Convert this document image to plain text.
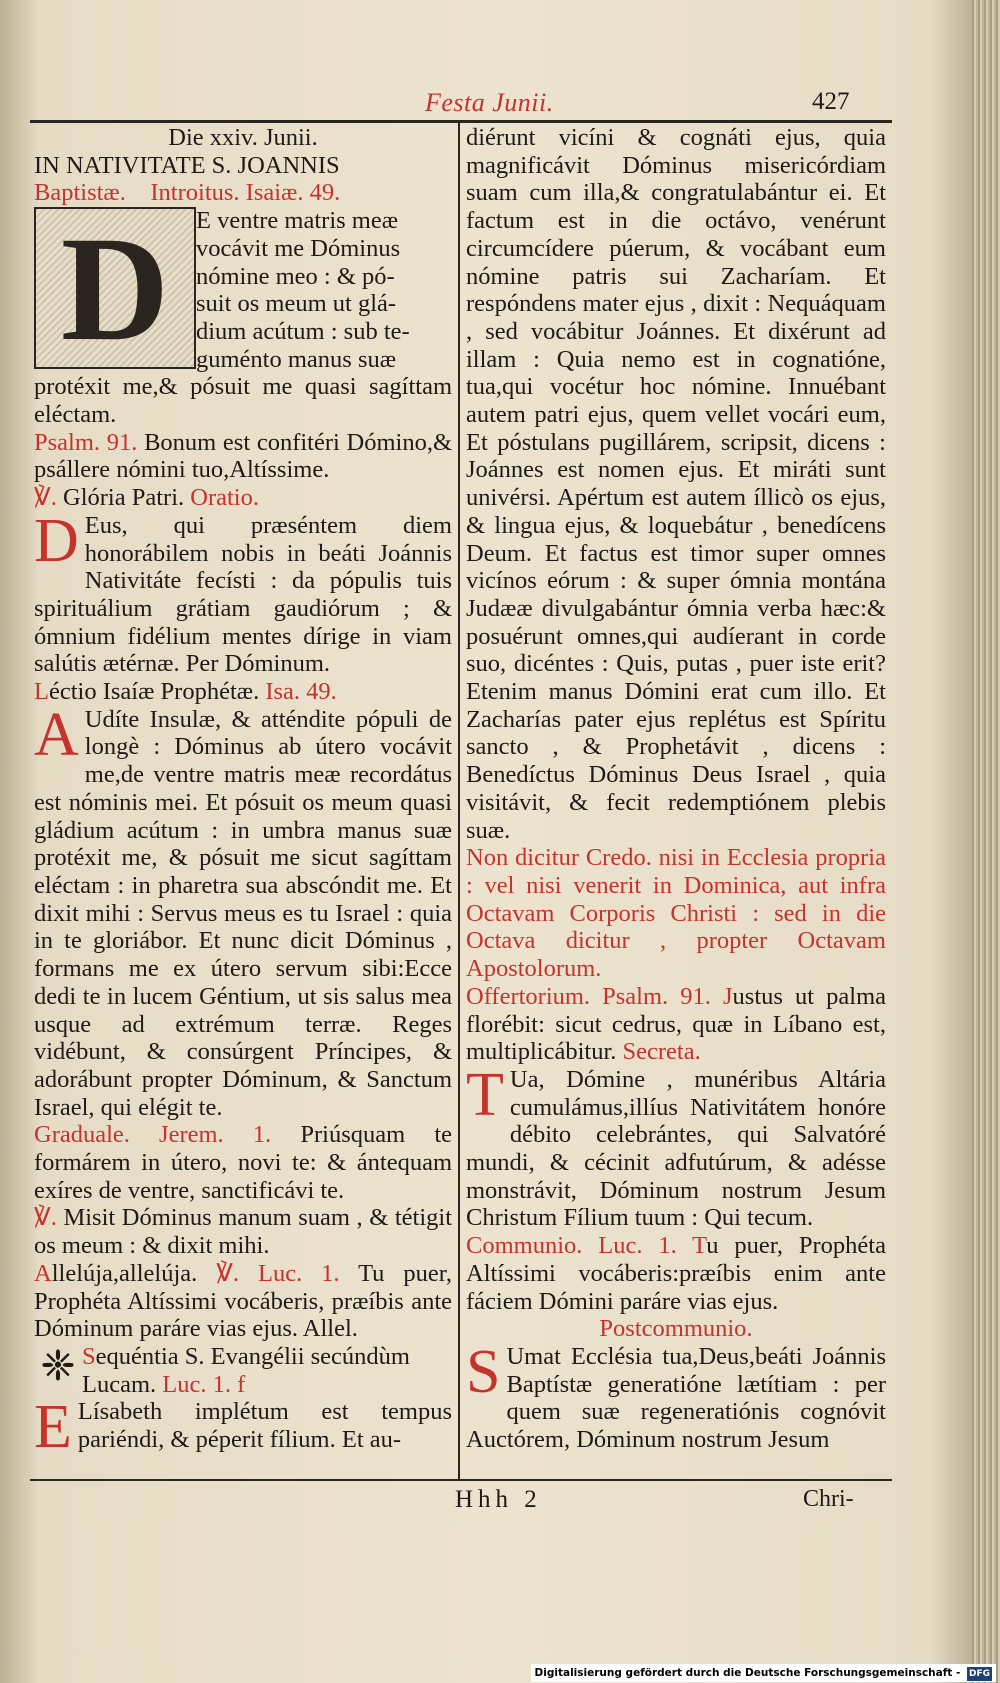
Festa Junii.	427
Die xxiv. Junii.
IN NATIVITATE S. JOANNIS
Baptistæ. Introitus. Isaiæ. 49.
D	E ventre matris meæ
vocávit me Dóminus
nómine meo : & pó-
suit os meum ut glá-
dium acútum : sub te-
guménto manus suæ
protéxit me,& pósuit me quasi sagíttam eléctam.

Psalm. 91. Bonum est confitéri Dómino,& psállere nómini tuo,Altíssime.

℣. Glória Patri. Oratio.

D Eus, qui præséntem diem honorábilem nobis in beáti Joánnis Nativitáte fecísti : da pópulis tuis spirituálium grátiam gaudiórum ; & ómnium fidélium mentes dírige in viam salútis ætérnæ. Per Dóminum.

Léctio Isaíæ Prophétæ. Isa. 49.

A Udíte Insulæ, & atténdite pópuli de longè : Dóminus ab útero vocávit me,de ventre matris meæ recordátus est nóminis mei. Et pósuit os meum quasi gládium acútum : in umbra manus suæ protéxit me, & pósuit me sicut sagíttam eléctam : in pharetra sua abscóndit me. Et dixit mihi : Servus meus es tu Israel : quia in te gloriábor. Et nunc dicit Dóminus , formans me ex útero servum sibi:Ecce dedi te in lucem Géntium, ut sis salus mea usque ad extrémum terræ. Reges vidébunt, & consúrgent Príncipes, & adorábunt propter Dóminum, & Sanctum Israel, qui elégit te.

Graduale. Jerem. 1. Priúsquam te formárem in útero, novi te: & ántequam exíres de ventre, sanctificávi te.

℣. Misit Dóminus manum suam , & tétigit os meum : & dixit mihi.

Allelúja,allelúja. ℣. Luc. 1. Tu puer, Prophéta Altíssimi vocáberis, præíbis ante Dóminum paráre vias ejus. Allel.

❈ Sequéntia S. Evangélii secúndùm Lucam. Luc. 1. f

E Lísabeth implétum est tempus pariéndi, & péperit fílium. Et au-

diérunt vicíni & cognáti ejus, quia magnificávit Dóminus misericórdiam suam cum illa,& congratulabántur ei. Et factum est in die octávo, venérunt circumcídere púerum, & vocábant eum nómine patris sui Zacharíam. Et respóndens mater ejus , dixit : Nequáquam , sed vocábitur Joánnes. Et dixérunt ad illam : Quia nemo est in cognatióne, tua,qui vocétur hoc nómine. Innuébant autem patri ejus, quem vellet vocári eum, Et póstulans pugillárem, scripsit, dicens : Joánnes est nomen ejus. Et miráti sunt univérsi. Apértum est autem íllicò os ejus, & lingua ejus, & loquebátur , benedícens Deum. Et factus est timor super omnes vicínos eórum : & super ómnia montána Judææ divulgabántur ómnia verba hæc:& posuérunt omnes,qui audíerant in corde suo, dicéntes : Quis, putas , puer iste erit? Etenim manus Dómini erat cum illo. Et Zacharías pater ejus replétus est Spíritu sancto , & Prophetávit , dicens : Benedíctus Dóminus Deus Israel , quia visitávit, & fecit redemptiónem plebis suæ.

Non dicitur Credo. nisi in Ecclesia propria : vel nisi venerit in Dominica, aut infra Octavam Corporis Christi : sed in die Octava dicitur , propter Octavam Apostolorum.

Offertorium. Psalm. 91. Justus ut palma florébit: sicut cedrus, quæ in Líbano est, multiplicábitur. Secreta.

T Ua, Dómine , munéribus Altária cumulámus,illíus Nativitátem honóre débito celebrántes, qui Salvatóré mundi, & cécinit adfutúrum, & adésse monstrávit, Dóminum nostrum Jesum Christum Fílium tuum : Qui tecum.

Communio. Luc. 1. Tu puer, Prophéta Altíssimi vocáberis:præíbis enim ante fáciem Dómini paráre vias ejus.

Postcommunio.

S Umat Ecclésia tua,Deus,beáti Joánnis Baptístæ generatióne lætítiam : per quem suæ regeneratiónis cognóvit Auctórem, Dóminum nostrum Jesum

Hhh 2	Chri-
Digitalisierung gefördert durch die Deutsche Forschungsgemeinschaft - DFG
